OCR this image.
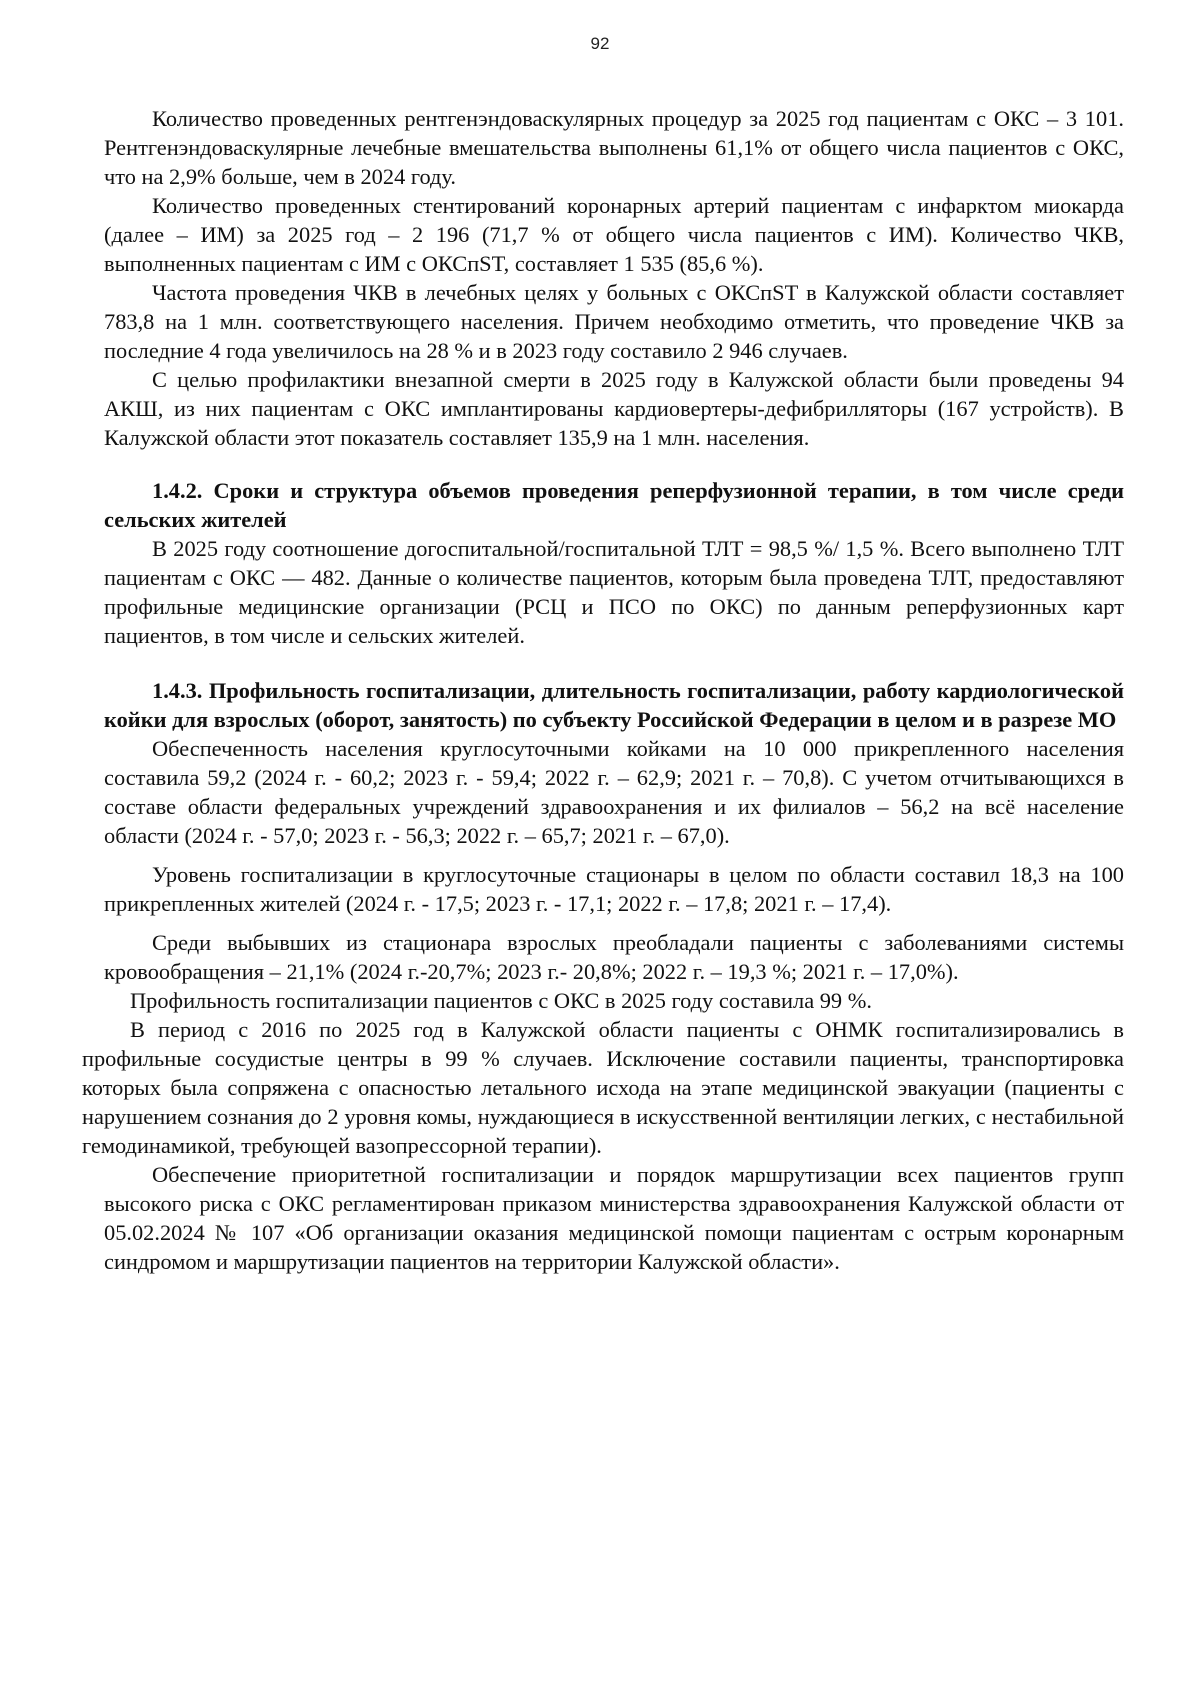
92

Количество проведенных рентгенэндоваскулярных процедур за 2025 год пациентам с ОКС – 3 101. Рентгенэндоваскулярные лечебные вмешательства выполнены 61,1% от общего числа пациентов с ОКС, что на 2,9% больше, чем в 2024 году.

Количество проведенных стентирований коронарных артерий пациентам с инфарктом миокарда (далее – ИМ) за 2025 год – 2 196 (71,7 % от общего числа пациентов с ИМ). Количество ЧКВ, выполненных пациентам с ИМ с ОКСпST, составляет 1 535 (85,6 %).

Частота проведения ЧКВ в лечебных целях у больных с ОКСпST в Калужской области составляет 783,8 на 1 млн. соответствующего населения. Причем необходимо отметить, что проведение ЧКВ за последние 4 года увеличилось на 28 % и в 2023 году составило 2 946 случаев.

С целью профилактики внезапной смерти в 2025 году в Калужской области были проведены 94 АКШ, из них пациентам с ОКС имплантированы кардиовертеры-дефибрилляторы (167 устройств). В Калужской области этот показатель составляет 135,9 на 1 млн. населения.

1.4.2. Сроки и структура объемов проведения реперфузионной терапии, в том числе среди сельских жителей

В 2025 году соотношение догоспитальной/госпитальной ТЛТ = 98,5 %/ 1,5 %. Всего выполнено ТЛТ пациентам с ОКС — 482. Данные о количестве пациентов, которым была проведена ТЛТ, предоставляют профильные медицинские организации (РСЦ и ПСО по ОКС) по данным реперфузионных карт пациентов, в том числе и сельских жителей.

1.4.3. Профильность госпитализации, длительность госпитализации, работу кардиологической койки для взрослых (оборот, занятость) по субъекту Российской Федерации в целом и в разрезе МО

Обеспеченность населения круглосуточными койками на 10 000 прикрепленного населения составила 59,2 (2024 г. - 60,2; 2023 г. - 59,4; 2022 г. – 62,9; 2021 г. – 70,8). С учетом отчитывающихся в составе области федеральных учреждений здравоохранения и их филиалов – 56,2 на всё население области (2024 г. - 57,0; 2023 г. - 56,3; 2022 г. – 65,7; 2021 г. – 67,0).

Уровень госпитализации в круглосуточные стационары в целом по области составил 18,3 на 100 прикрепленных жителей (2024 г. - 17,5; 2023 г. - 17,1; 2022 г. – 17,8; 2021 г. – 17,4).

Среди выбывших из стационара взрослых преобладали пациенты с заболеваниями системы кровообращения – 21,1% (2024 г.-20,7%; 2023 г.- 20,8%; 2022 г. – 19,3 %; 2021 г. – 17,0%).

Профильность госпитализации пациентов с ОКС в 2025 году составила 99 %.

В период с 2016 по 2025 год в Калужской области пациенты с ОНМК госпитализировались в профильные сосудистые центры в 99 % случаев. Исключение составили пациенты, транспортировка которых была сопряжена с опасностью летального исхода на этапе медицинской эвакуации (пациенты с нарушением сознания до 2 уровня комы, нуждающиеся в искусственной вентиляции легких, с нестабильной гемодинамикой, требующей вазопрессорной терапии).

Обеспечение приоритетной госпитализации и порядок маршрутизации всех пациентов групп высокого риска с ОКС регламентирован приказом министерства здравоохранения Калужской области от 05.02.2024 № 107 «Об организации оказания медицинской помощи пациентам с острым коронарным синдромом и маршрутизации пациентов на территории Калужской области».
